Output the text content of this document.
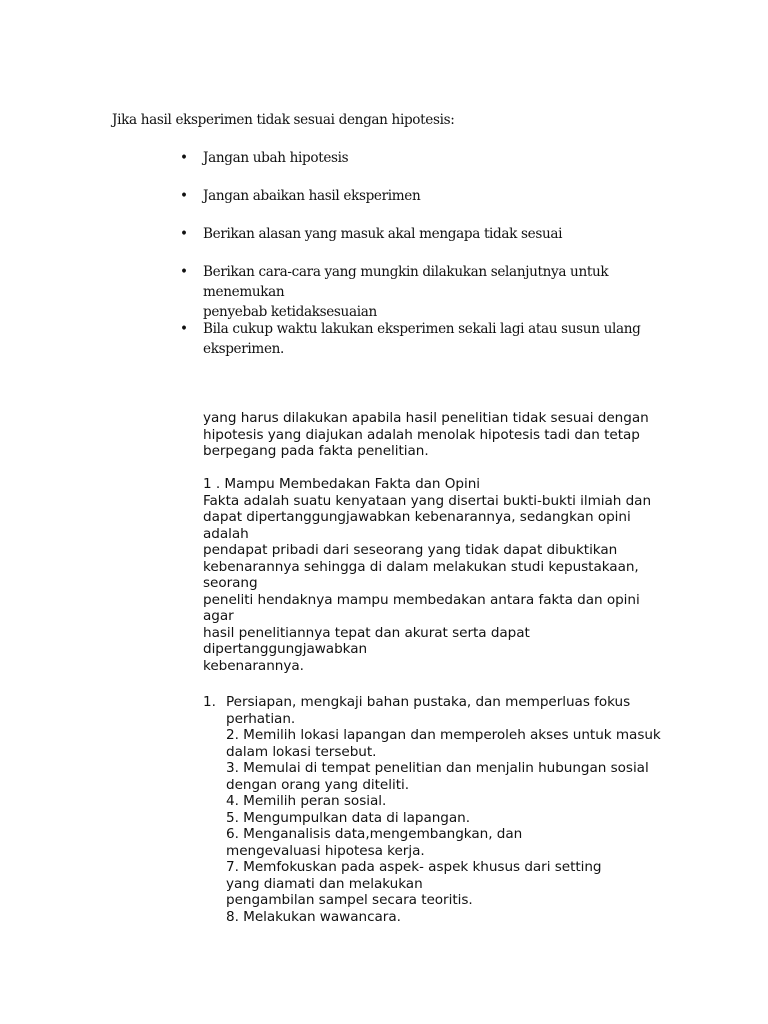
Jika hasil eksperimen tidak sesuai dengan hipotesis:
• Jangan ubah hipotesis
• Jangan abaikan hasil eksperimen
• Berikan alasan yang masuk akal mengapa tidak sesuai
• Berikan cara-cara yang mungkin dilakukan selanjutnya untuk menemukan
penyebab ketidaksesuaian
• Bila cukup waktu lakukan eksperimen sekali lagi atau susun ulang
eksperimen.
yang harus dilakukan apabila hasil penelitian tidak sesuai dengan
hipotesis yang diajukan adalah menolak hipotesis tadi dan tetap
berpegang pada fakta penelitian.
1 . Mampu Membedakan Fakta dan Opini
Fakta adalah suatu kenyataan yang disertai bukti-bukti ilmiah dan
dapat dipertanggungjawabkan kebenarannya, sedangkan opini
adalah
pendapat pribadi dari seseorang yang tidak dapat dibuktikan
kebenarannya sehingga di dalam melakukan studi kepustakaan,
seorang
peneliti hendaknya mampu membedakan antara fakta dan opini
agar
hasil penelitiannya tepat dan akurat serta dapat
dipertanggungjawabkan
kebenarannya.
1. Persiapan, mengkaji bahan pustaka, dan memperluas fokus
perhatian.
2. Memilih lokasi lapangan dan memperoleh akses untuk masuk
dalam lokasi tersebut.
3. Memulai di tempat penelitian dan menjalin hubungan sosial
dengan orang yang diteliti.
4. Memilih peran sosial.
5. Mengumpulkan data di lapangan.
6. Menganalisis data,mengembangkan, dan
mengevaluasi hipotesa kerja.
7. Memfokuskan pada aspek- aspek khusus dari setting
yang diamati dan melakukan
pengambilan sampel secara teoritis.
8. Melakukan wawancara.
